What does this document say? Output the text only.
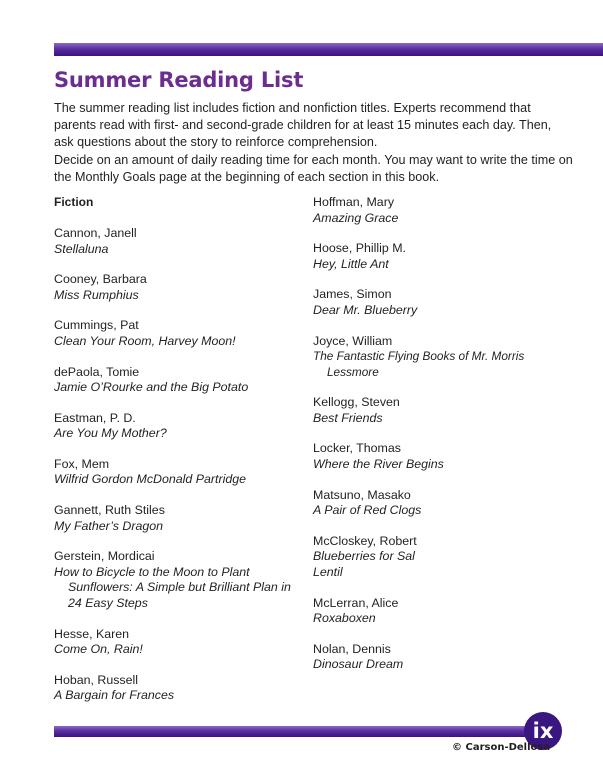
Summer Reading List

The summer reading list includes fiction and nonfiction titles. Experts recommend that parents read with first- and second-grade children for at least 15 minutes each day. Then, ask questions about the story to reinforce comprehension.

Decide on an amount of daily reading time for each month. You may want to write the time on the Monthly Goals page at the beginning of each section in this book.

Fiction
Cannon, Janell
Stellaluna
Cooney, Barbara
Miss Rumphius
Cummings, Pat
Clean Your Room, Harvey Moon!
dePaola, Tomie
Jamie O’Rourke and the Big Potato
Eastman, P. D.
Are You My Mother?
Fox, Mem
Wilfrid Gordon McDonald Partridge
Gannett, Ruth Stiles
My Father’s Dragon
Gerstein, Mordicai
How to Bicycle to the Moon to Plant Sunflowers: A Simple but Brilliant Plan in 24 Easy Steps
Hesse, Karen
Come On, Rain!
Hoban, Russell
A Bargain for Frances
Hoffman, Mary
Amazing Grace
Hoose, Phillip M.
Hey, Little Ant
James, Simon
Dear Mr. Blueberry
Joyce, William
The Fantastic Flying Books of Mr. Morris Lessmore
Kellogg, Steven
Best Friends
Locker, Thomas
Where the River Begins
Matsuno, Masako
A Pair of Red Clogs
McCloskey, Robert
Blueberries for Sal
Lentil
McLerran, Alice
Roxaboxen
Nolan, Dennis
Dinosaur Dream
ix
© Carson-Dellosa
